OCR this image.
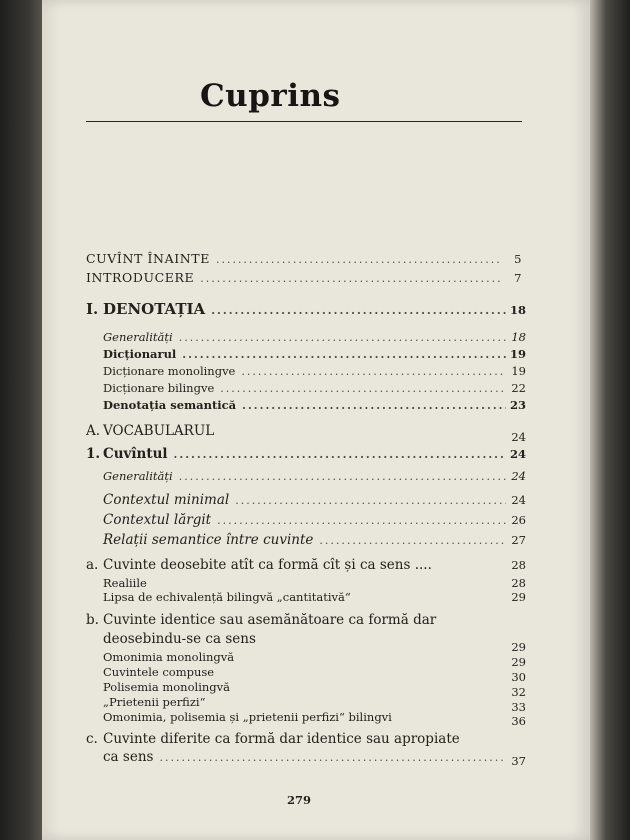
Cuprins
CUVÎNT ÎNAINTE .....	5
INTRODUCERE .....	7
I. DENOTAȚIA .....	18
Generalități .....	18
Dicționarul .....	19
Dicționare monolingve .....	19
Dicționare bilingve .....	22
Denotația semantică .....	23
A. VOCABULARUL	24
1. Cuvîntul .....	24
Generalități .....	24
Contextul minimal .....	24
Contextul lărgit .....	26
Relații semantice între cuvinte .....	27
a. Cuvinte deosebite atît ca formă cît și ca sens ....	28
Realiile	28
Lipsa de echivalență bilingvă „cantitativă“	29
b. Cuvinte identice sau asemănătoare ca formă dar
deosebindu-se ca sens	29
Omonimia monolingvă	29
Cuvintele compuse	30
Polisemia monolingvă	32
„Prietenii perfizi“	33
Omonimia, polisemia și „prietenii perfizi“ bilingvi	36
c. Cuvinte diferite ca formă dar identice sau apropiate
ca sens .....	37
279
